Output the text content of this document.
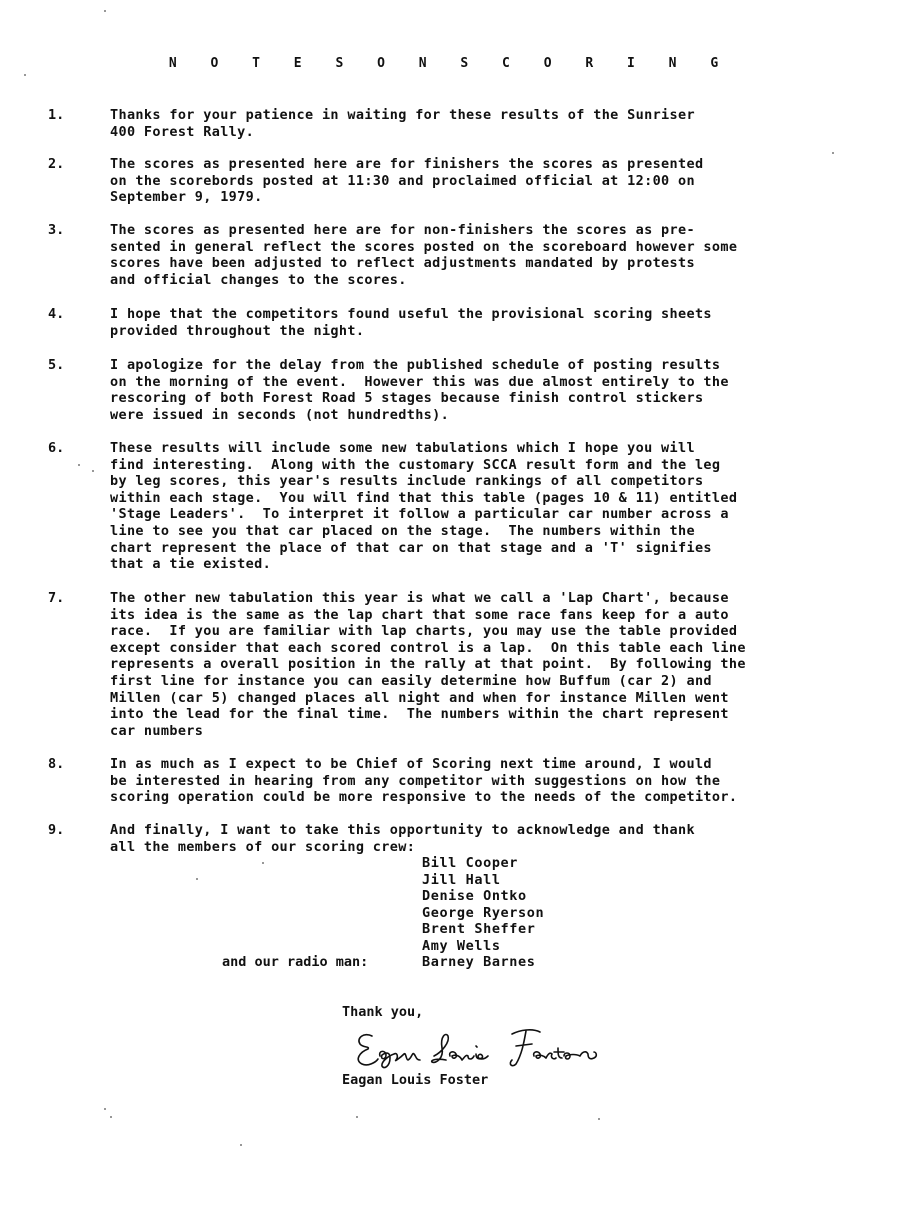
N O T E S O N S C O R I N G
1.	Thanks for your patience in waiting for these results of the Sunriser
400 Forest Rally.
2.	The scores as presented here are for finishers the scores as presented
on the scorebords posted at 11:30 and proclaimed official at 12:00 on
September 9, 1979.
3.	The scores as presented here are for non-finishers the scores as pre-
sented in general reflect the scores posted on the scoreboard however some
scores have been adjusted to reflect adjustments mandated by protests
and official changes to the scores.
4.	I hope that the competitors found useful the provisional scoring sheets
provided throughout the night.
5.	I apologize for the delay from the published schedule of posting results
on the morning of the event.  However this was due almost entirely to the
rescoring of both Forest Road 5 stages because finish control stickers
were issued in seconds (not hundredths).
6.	These results will include some new tabulations which I hope you will
find interesting.  Along with the customary SCCA result form and the leg
by leg scores, this year's results include rankings of all competitors
within each stage.  You will find that this table (pages 10 & 11) entitled
'Stage Leaders'.  To interpret it follow a particular car number across a
line to see you that car placed on the stage.  The numbers within the
chart represent the place of that car on that stage and a 'T' signifies
that a tie existed.
7.	The other new tabulation this year is what we call a 'Lap Chart', because
its idea is the same as the lap chart that some race fans keep for a auto
race.  If you are familiar with lap charts, you may use the table provided
except consider that each scored control is a lap.  On this table each line
represents a overall position in the rally at that point.  By following the
first line for instance you can easily determine how Buffum (car 2) and
Millen (car 5) changed places all night and when for instance Millen went
into the lead for the final time.  The numbers within the chart represent
car numbers
8.	In as much as I expect to be Chief of Scoring next time around, I would
be interested in hearing from any competitor with suggestions on how the
scoring operation could be more responsive to the needs of the competitor.
9.	And finally, I want to take this opportunity to acknowledge and thank
all the members of our scoring crew:
Bill Cooper
Jill Hall
Denise Ontko
George Ryerson
Brent Sheffer
Amy Wells
and our radio man:	Barney Barnes
Thank you,
Eagan Louis Foster
